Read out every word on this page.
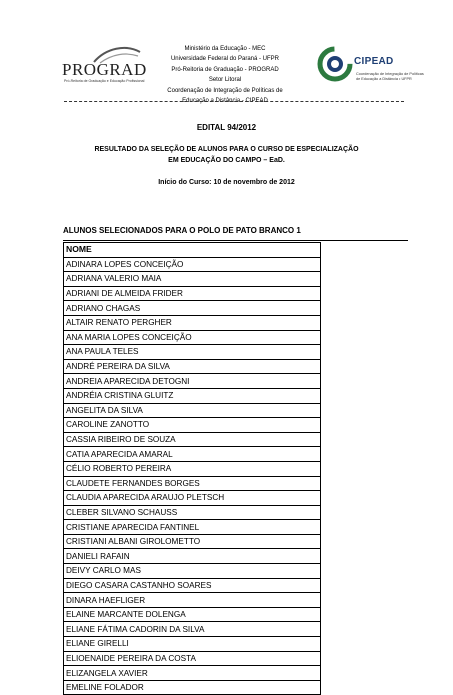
PROGRAD
Pró-Reitoria de Graduação e Educação Profissional
Ministério da Educação - MEC
Universidade Federal do Paraná - UFPR
Pró-Reitoria de Graduação - PROGRAD
Setor Litoral
Coordenação de Integração de Políticas de
Educação a Distância - CIPEAD
CIPEAD
Coordenação de Integração de Políticas
de Educação a Distância • UFPR
EDITAL 94/2012
RESULTADO DA SELEÇÃO DE ALUNOS PARA O CURSO DE ESPECIALIZAÇÃO
EM EDUCAÇÃO DO CAMPO – EaD.
Início do Curso: 10 de novembro de 2012
ALUNOS SELECIONADOS PARA O POLO DE PATO BRANCO 1
NOME
ADINARA LOPES CONCEIÇÃO
ADRIANA VALERIO MAIA
ADRIANI DE ALMEIDA FRIDER
ADRIANO CHAGAS
ALTAIR RENATO PERGHER
ANA MARIA LOPES CONCEIÇÃO
ANA PAULA TELES
ANDRÉ PEREIRA DA SILVA
ANDREIA APARECIDA DETOGNI
ANDRÉIA CRISTINA GLUITZ
ANGELITA DA SILVA
CAROLINE ZANOTTO
CASSIA RIBEIRO DE SOUZA
CATIA APARECIDA AMARAL
CÉLIO ROBERTO PEREIRA
CLAUDETE FERNANDES BORGES
CLAUDIA APARECIDA ARAUJO PLETSCH
CLEBER SILVANO SCHAUSS
CRISTIANE APARECIDA FANTINEL
CRISTIANI ALBANI GIROLOMETTO
DANIELI RAFAIN
DEIVY CARLO MAS
DIEGO CASARA CASTANHO SOARES
DINARA HAEFLIGER
ELAINE MARCANTE DOLENGA
ELIANE FÁTIMA CADORIN DA SILVA
ELIANE GIRELLI
ELIOENAIDE PEREIRA DA COSTA
ELIZANGELA XAVIER
EMELINE FOLADOR
